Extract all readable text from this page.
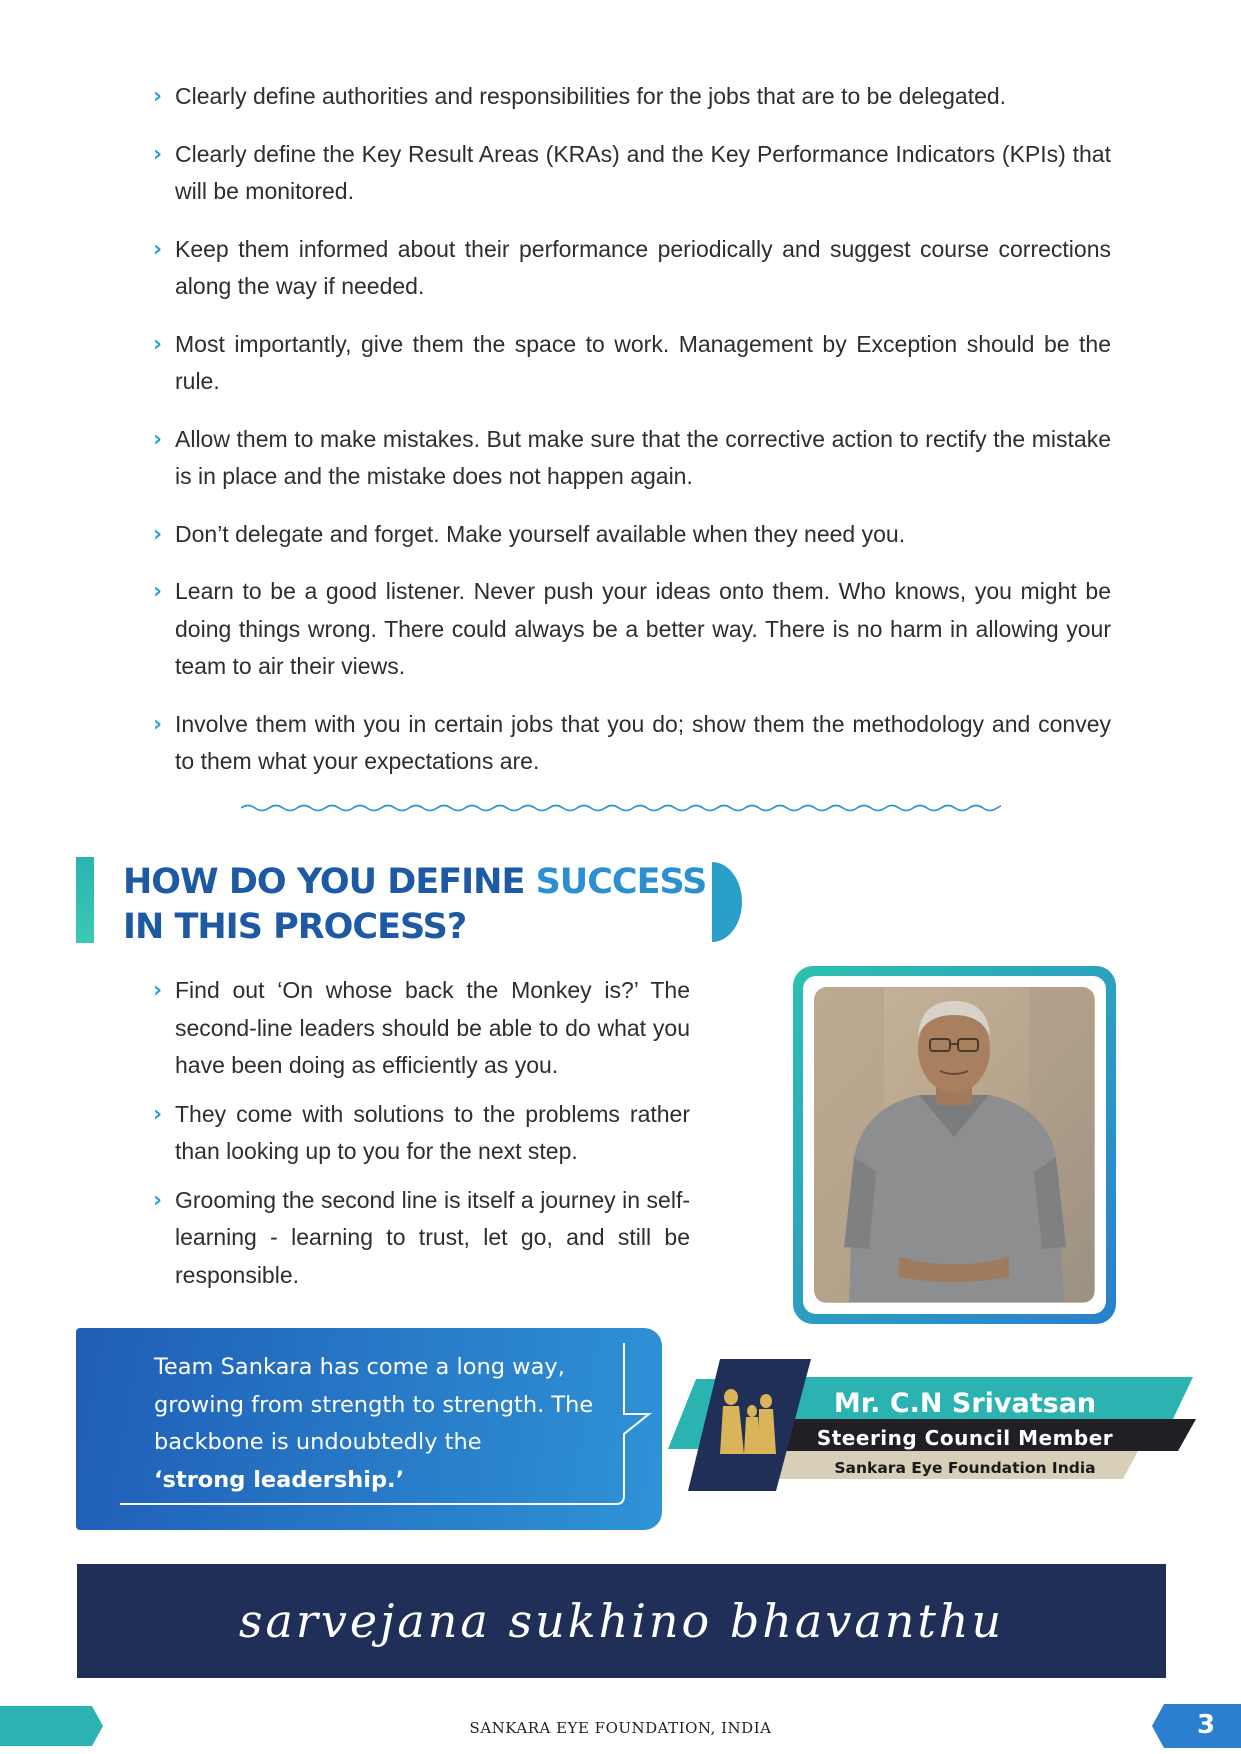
› Clearly define authorities and responsibilities for the jobs that are to be delegated.
› Clearly define the Key Result Areas (KRAs) and the Key Performance Indicators (KPIs) that will be monitored.
› Keep them informed about their performance periodically and suggest course corrections along the way if needed.
› Most importantly, give them the space to work. Management by Exception should be the rule.
› Allow them to make mistakes. But make sure that the corrective action to rectify the mistake is in place and the mistake does not happen again.
› Don’t delegate and forget. Make yourself available when they need you.
› Learn to be a good listener. Never push your ideas onto them. Who knows, you might be doing things wrong. There could always be a better way. There is no harm in allowing your team to air their views.
› Involve them with you in certain jobs that you do; show them the methodology and convey to them what your expectations are.
HOW DO YOU DEFINE SUCCESS
IN THIS PROCESS?
› Find out ‘On whose back the Monkey is?’ The second-line leaders should be able to do what you have been doing as efficiently as you.
› They come with solutions to the problems rather than looking up to you for the next step.
› Grooming the second line is itself a journey in self-learning - learning to trust, let go, and still be responsible.
Team Sankara has come a long way, growing from strength to strength. The backbone is undoubtedly the
‘strong leadership.’
Mr. C.N Srivatsan
Steering Council Member
Sankara Eye Foundation India
sarvejana sukhino bhavanthu
SANKARA EYE FOUNDATION, INDIA	3
